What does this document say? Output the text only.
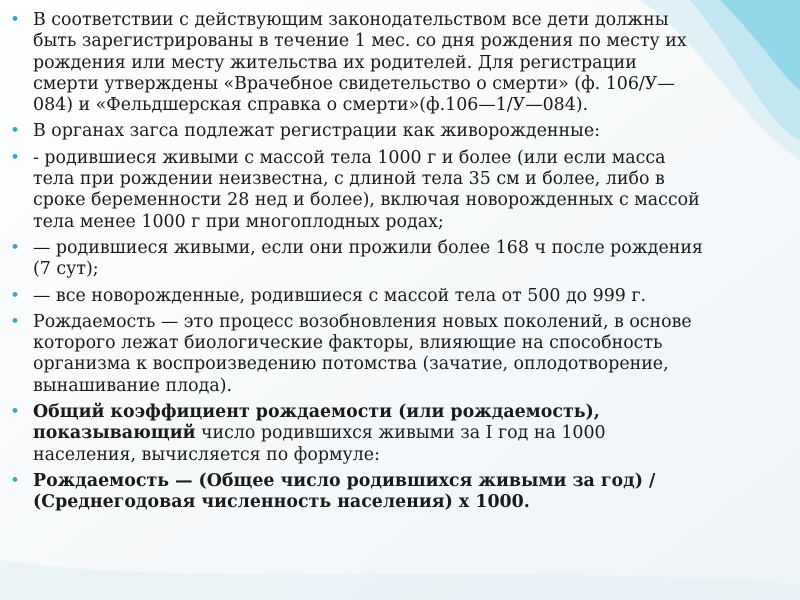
• В соответствии с действующим законодательством все дети должны быть зарегистрированы в течение 1 мес. со дня рождения по месту их рождения или месту жительства их родителей. Для регистрации смерти утверждены «Врачебное свидетельство о смерти» (ф. 106/У—084) и «Фельдшерская справка о смерти»(ф.106—1/У—084).
• В органах загса подлежат регистрации как живорожденные:
• - родившиеся живыми с массой тела 1000 г и более (или если масса тела при рождении неизвестна, с длиной тела 35 см и более, либо в сроке беременности 28 нед и более), включая новорожденных с массой тела менее 1000 г при многоплодных родах;
• — родившиеся живыми, если они прожили более 168 ч после рождения (7 сут);
• — все новорожденные, родившиеся с массой тела от 500 до 999 г.
• Рождаемость — это процесс возобновления новых поколений, в основе которого лежат биологические факторы, влияющие на способность организма к воспроизведению потомства (зачатие, оплодотворение, вынашивание плода).
• Общий коэффициент рождаемости (или рождаемость), показывающий число родившихся живыми за I год на 1000 населения, вычисляется по формуле:
• Рождаемость — (Общее число родившихся живыми за год) / (Среднегодовая численность населения) x 1000.
